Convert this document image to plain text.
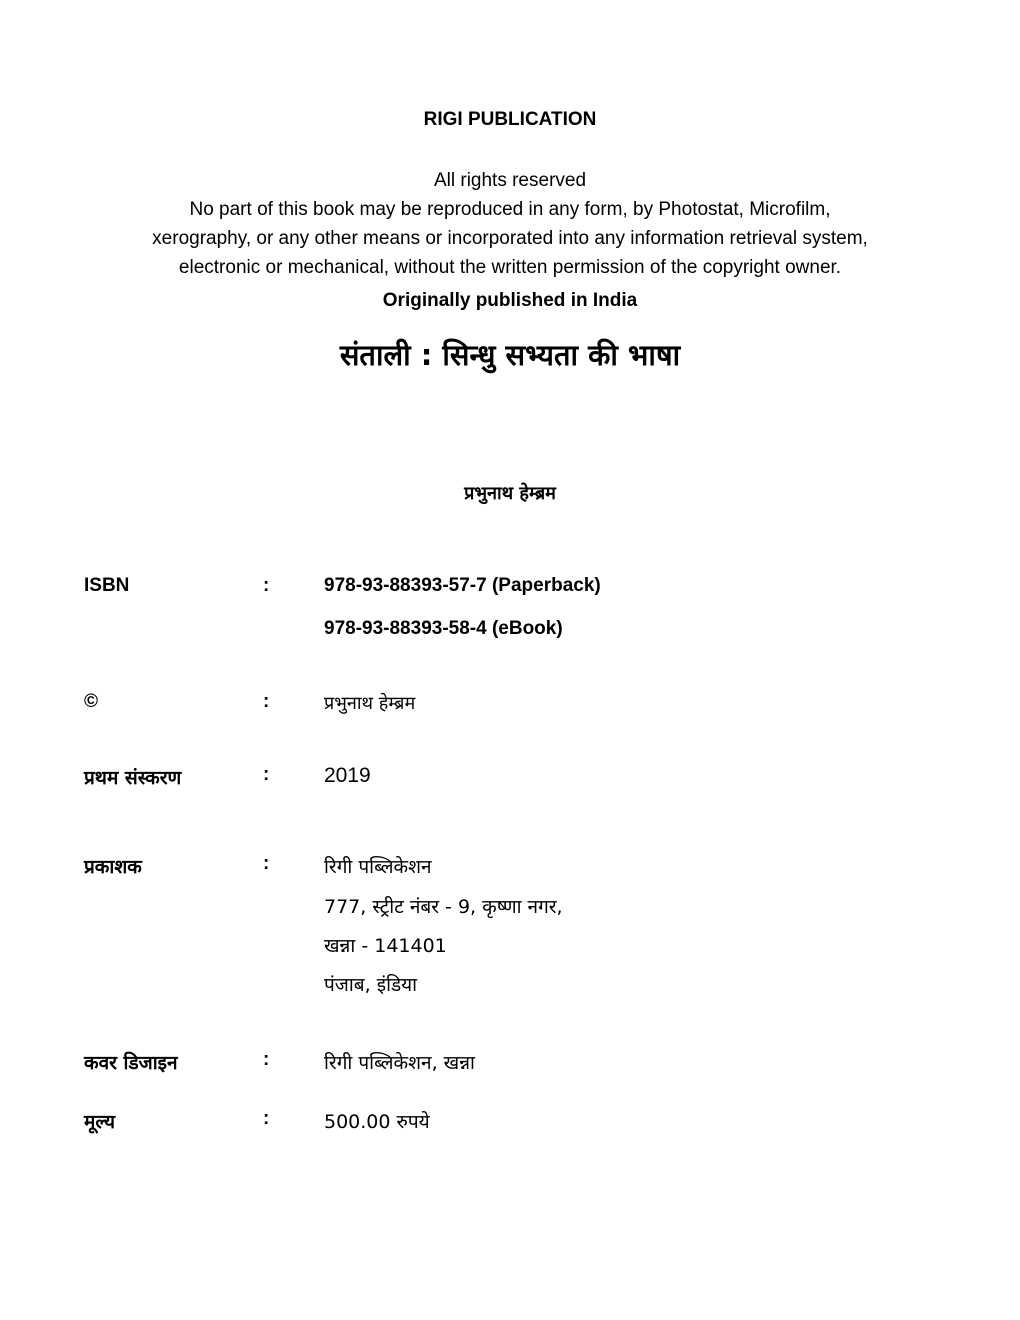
RIGI PUBLICATION
All rights reserved
No part of this book may be reproduced in any form, by Photostat, Microfilm,
xerography, or any other means or incorporated into any information retrieval system,
electronic or mechanical, without the written permission of the copyright owner.
Originally published in India
संताली : सिन्धु सभ्यता की भाषा
प्रभुनाथ हेम्ब्रम
ISBN	:	978-93-88393-57-7 (Paperback)
978-93-88393-58-4 (eBook)
©	:	प्रभुनाथ हेम्ब्रम
प्रथम संस्करण	:	2019
प्रकाशक	:	रिगी पब्लिकेशन
777, स्ट्रीट नंबर - 9, कृष्णा नगर,
खन्ना - 141401
पंजाब, इंडिया
कवर डिजाइन	:	रिगी पब्लिकेशन, खन्ना
मूल्य	:	500.00 रुपये
